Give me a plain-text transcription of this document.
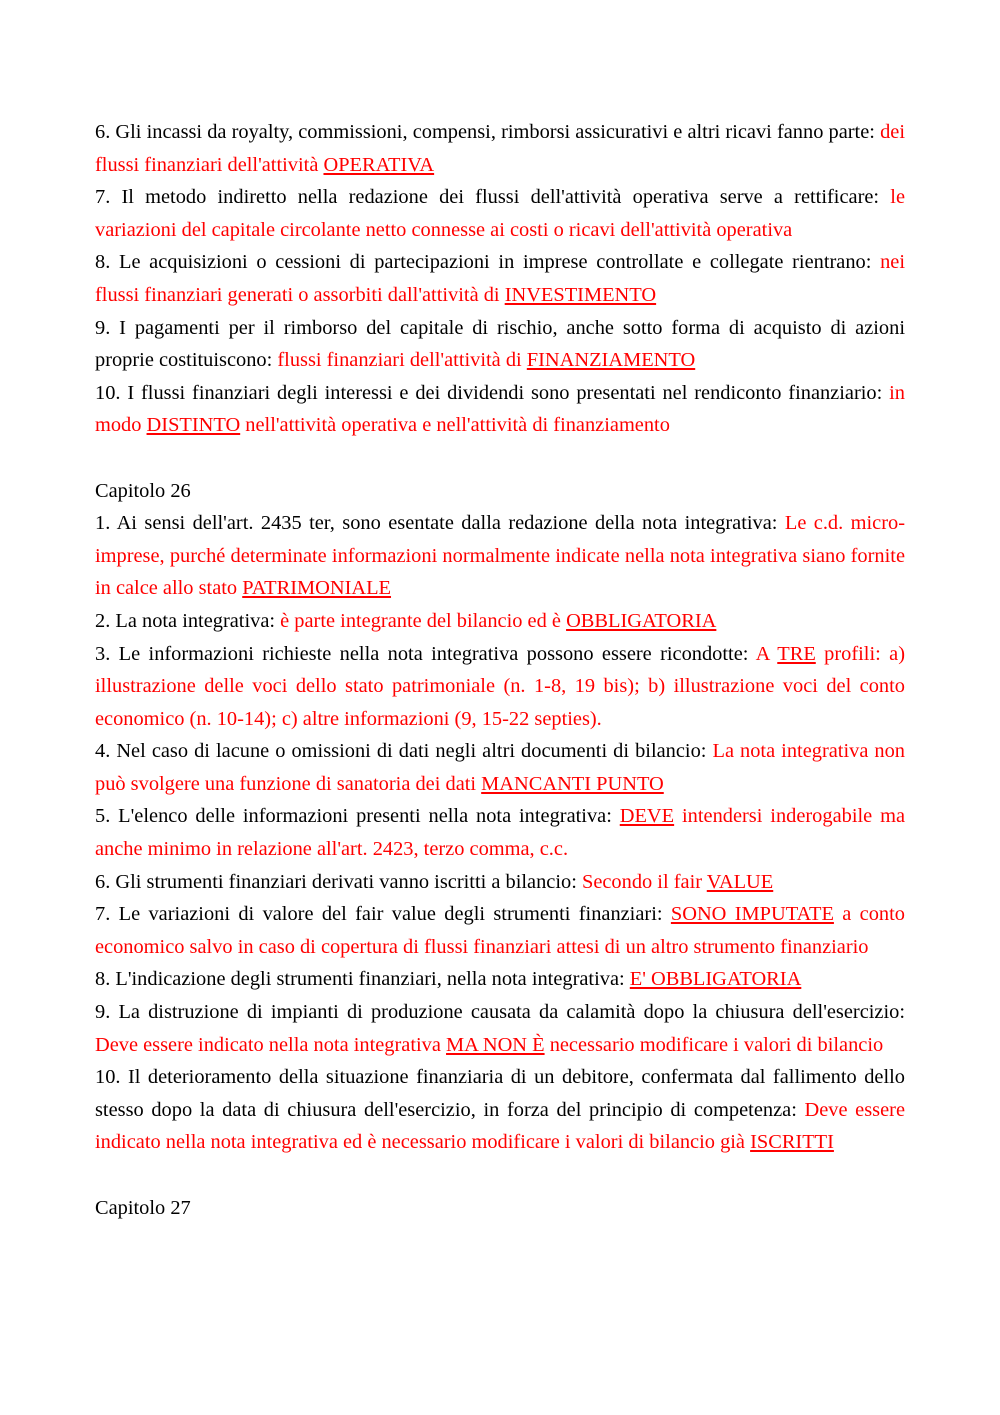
6. Gli incassi da royalty, commissioni, compensi, rimborsi assicurativi e altri ricavi fanno parte: dei flussi finanziari dell'attività OPERATIVA

7. Il metodo indiretto nella redazione dei flussi dell'attività operativa serve a rettificare: le variazioni del capitale circolante netto connesse ai costi o ricavi dell'attività operativa

8. Le acquisizioni o cessioni di partecipazioni in imprese controllate e collegate rientrano: nei flussi finanziari generati o assorbiti dall'attività di INVESTIMENTO

9. I pagamenti per il rimborso del capitale di rischio, anche sotto forma di acquisto di azioni proprie costituiscono: flussi finanziari dell'attività di FINANZIAMENTO

10. I flussi finanziari degli interessi e dei dividendi sono presentati nel rendiconto finanziario: in modo DISTINTO nell'attività operativa e nell'attività di finanziamento

Capitolo 26

1. Ai sensi dell'art. 2435 ter, sono esentate dalla redazione della nota integrativa: Le c.d. micro-imprese, purché determinate informazioni normalmente indicate nella nota integrativa siano fornite in calce allo stato PATRIMONIALE

2. La nota integrativa: è parte integrante del bilancio ed è OBBLIGATORIA

3. Le informazioni richieste nella nota integrativa possono essere ricondotte: A TRE profili: a) illustrazione delle voci dello stato patrimoniale (n. 1-8, 19 bis); b) illustrazione voci del conto economico (n. 10-14); c) altre informazioni (9, 15-22 septies).

4. Nel caso di lacune o omissioni di dati negli altri documenti di bilancio: La nota integrativa non può svolgere una funzione di sanatoria dei dati MANCANTI PUNTO

5. L'elenco delle informazioni presenti nella nota integrativa: DEVE intendersi inderogabile ma anche minimo in relazione all'art. 2423, terzo comma, c.c.

6. Gli strumenti finanziari derivati vanno iscritti a bilancio: Secondo il fair VALUE

7. Le variazioni di valore del fair value degli strumenti finanziari: SONO IMPUTATE a conto economico salvo in caso di copertura di flussi finanziari attesi di un altro strumento finanziario

8. L'indicazione degli strumenti finanziari, nella nota integrativa: E' OBBLIGATORIA

9. La distruzione di impianti di produzione causata da calamità dopo la chiusura dell'esercizio: Deve essere indicato nella nota integrativa MA NON È necessario modificare i valori di bilancio

10. Il deterioramento della situazione finanziaria di un debitore, confermata dal fallimento dello stesso dopo la data di chiusura dell'esercizio, in forza del principio di competenza: Deve essere indicato nella nota integrativa ed è necessario modificare i valori di bilancio già ISCRITTI

Capitolo 27
